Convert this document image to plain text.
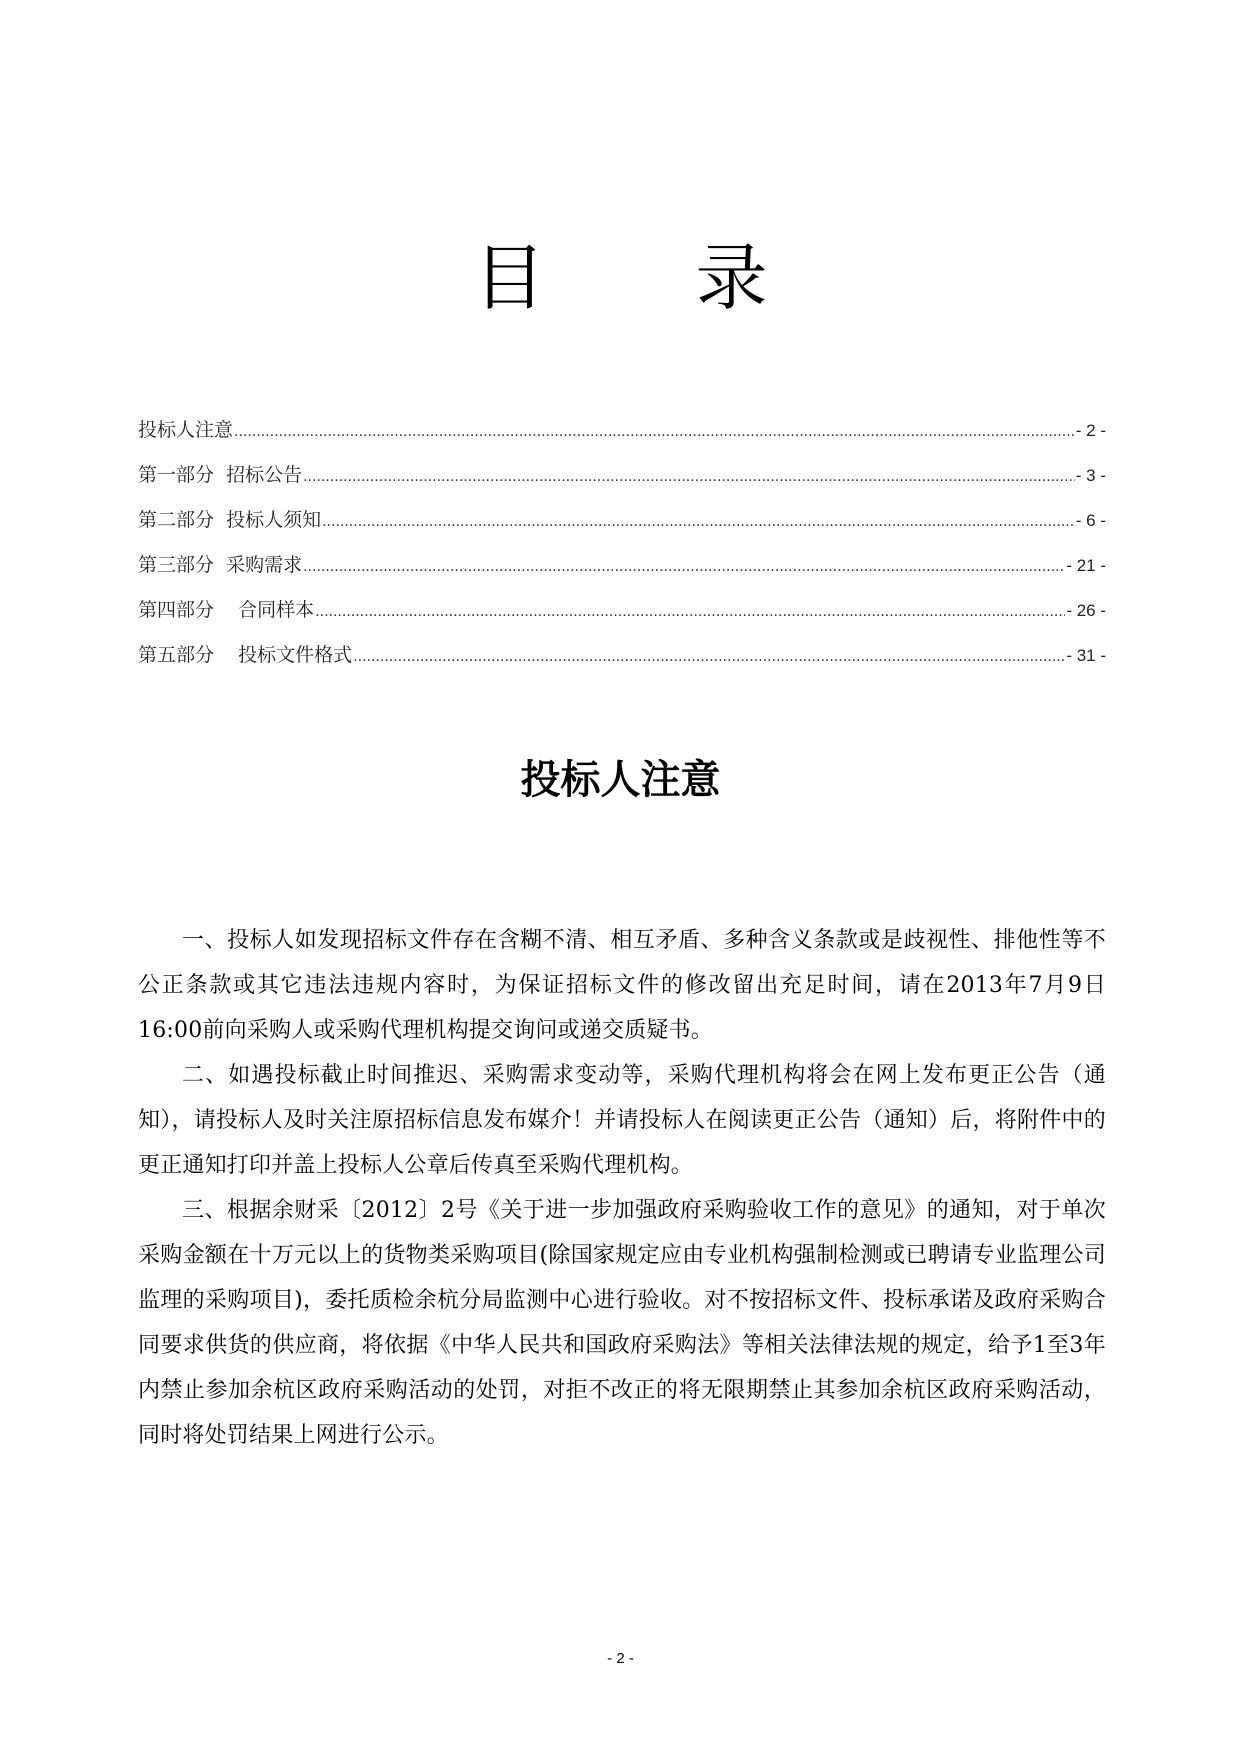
目 录
投标人注意 .....	- 2 -
第一部分  招标公告 .....	- 3 -
第二部分  投标人须知 .....	- 6 -
第三部分  采购需求 .....	- 21 -
第四部分    合同样本 .....	- 26 -
第五部分    投标文件格式 .....	- 31 -
投标人注意

一、投标人如发现招标文件存在含糊不清、相互矛盾、多种含义条款或是歧视性、排他性等不公正条款或其它违法违规内容时，为保证招标文件的修改留出充足时间，请在2013年7月9日16:00前向采购人或采购代理机构提交询问或递交质疑书。

二、如遇投标截止时间推迟、采购需求变动等，采购代理机构将会在网上发布更正公告（通知），请投标人及时关注原招标信息发布媒介！并请投标人在阅读更正公告（通知）后，将附件中的更正通知打印并盖上投标人公章后传真至采购代理机构。

三、根据余财采〔2012〕2号《关于进一步加强政府采购验收工作的意见》的通知，对于单次采购金额在十万元以上的货物类采购项目(除国家规定应由专业机构强制检测或已聘请专业监理公司监理的采购项目)，委托质检余杭分局监测中心进行验收。对不按招标文件、投标承诺及政府采购合同要求供货的供应商，将依据《中华人民共和国政府采购法》等相关法律法规的规定，给予1至3年内禁止参加余杭区政府采购活动的处罚，对拒不改正的将无限期禁止其参加余杭区政府采购活动，同时将处罚结果上网进行公示。

- 2 -
